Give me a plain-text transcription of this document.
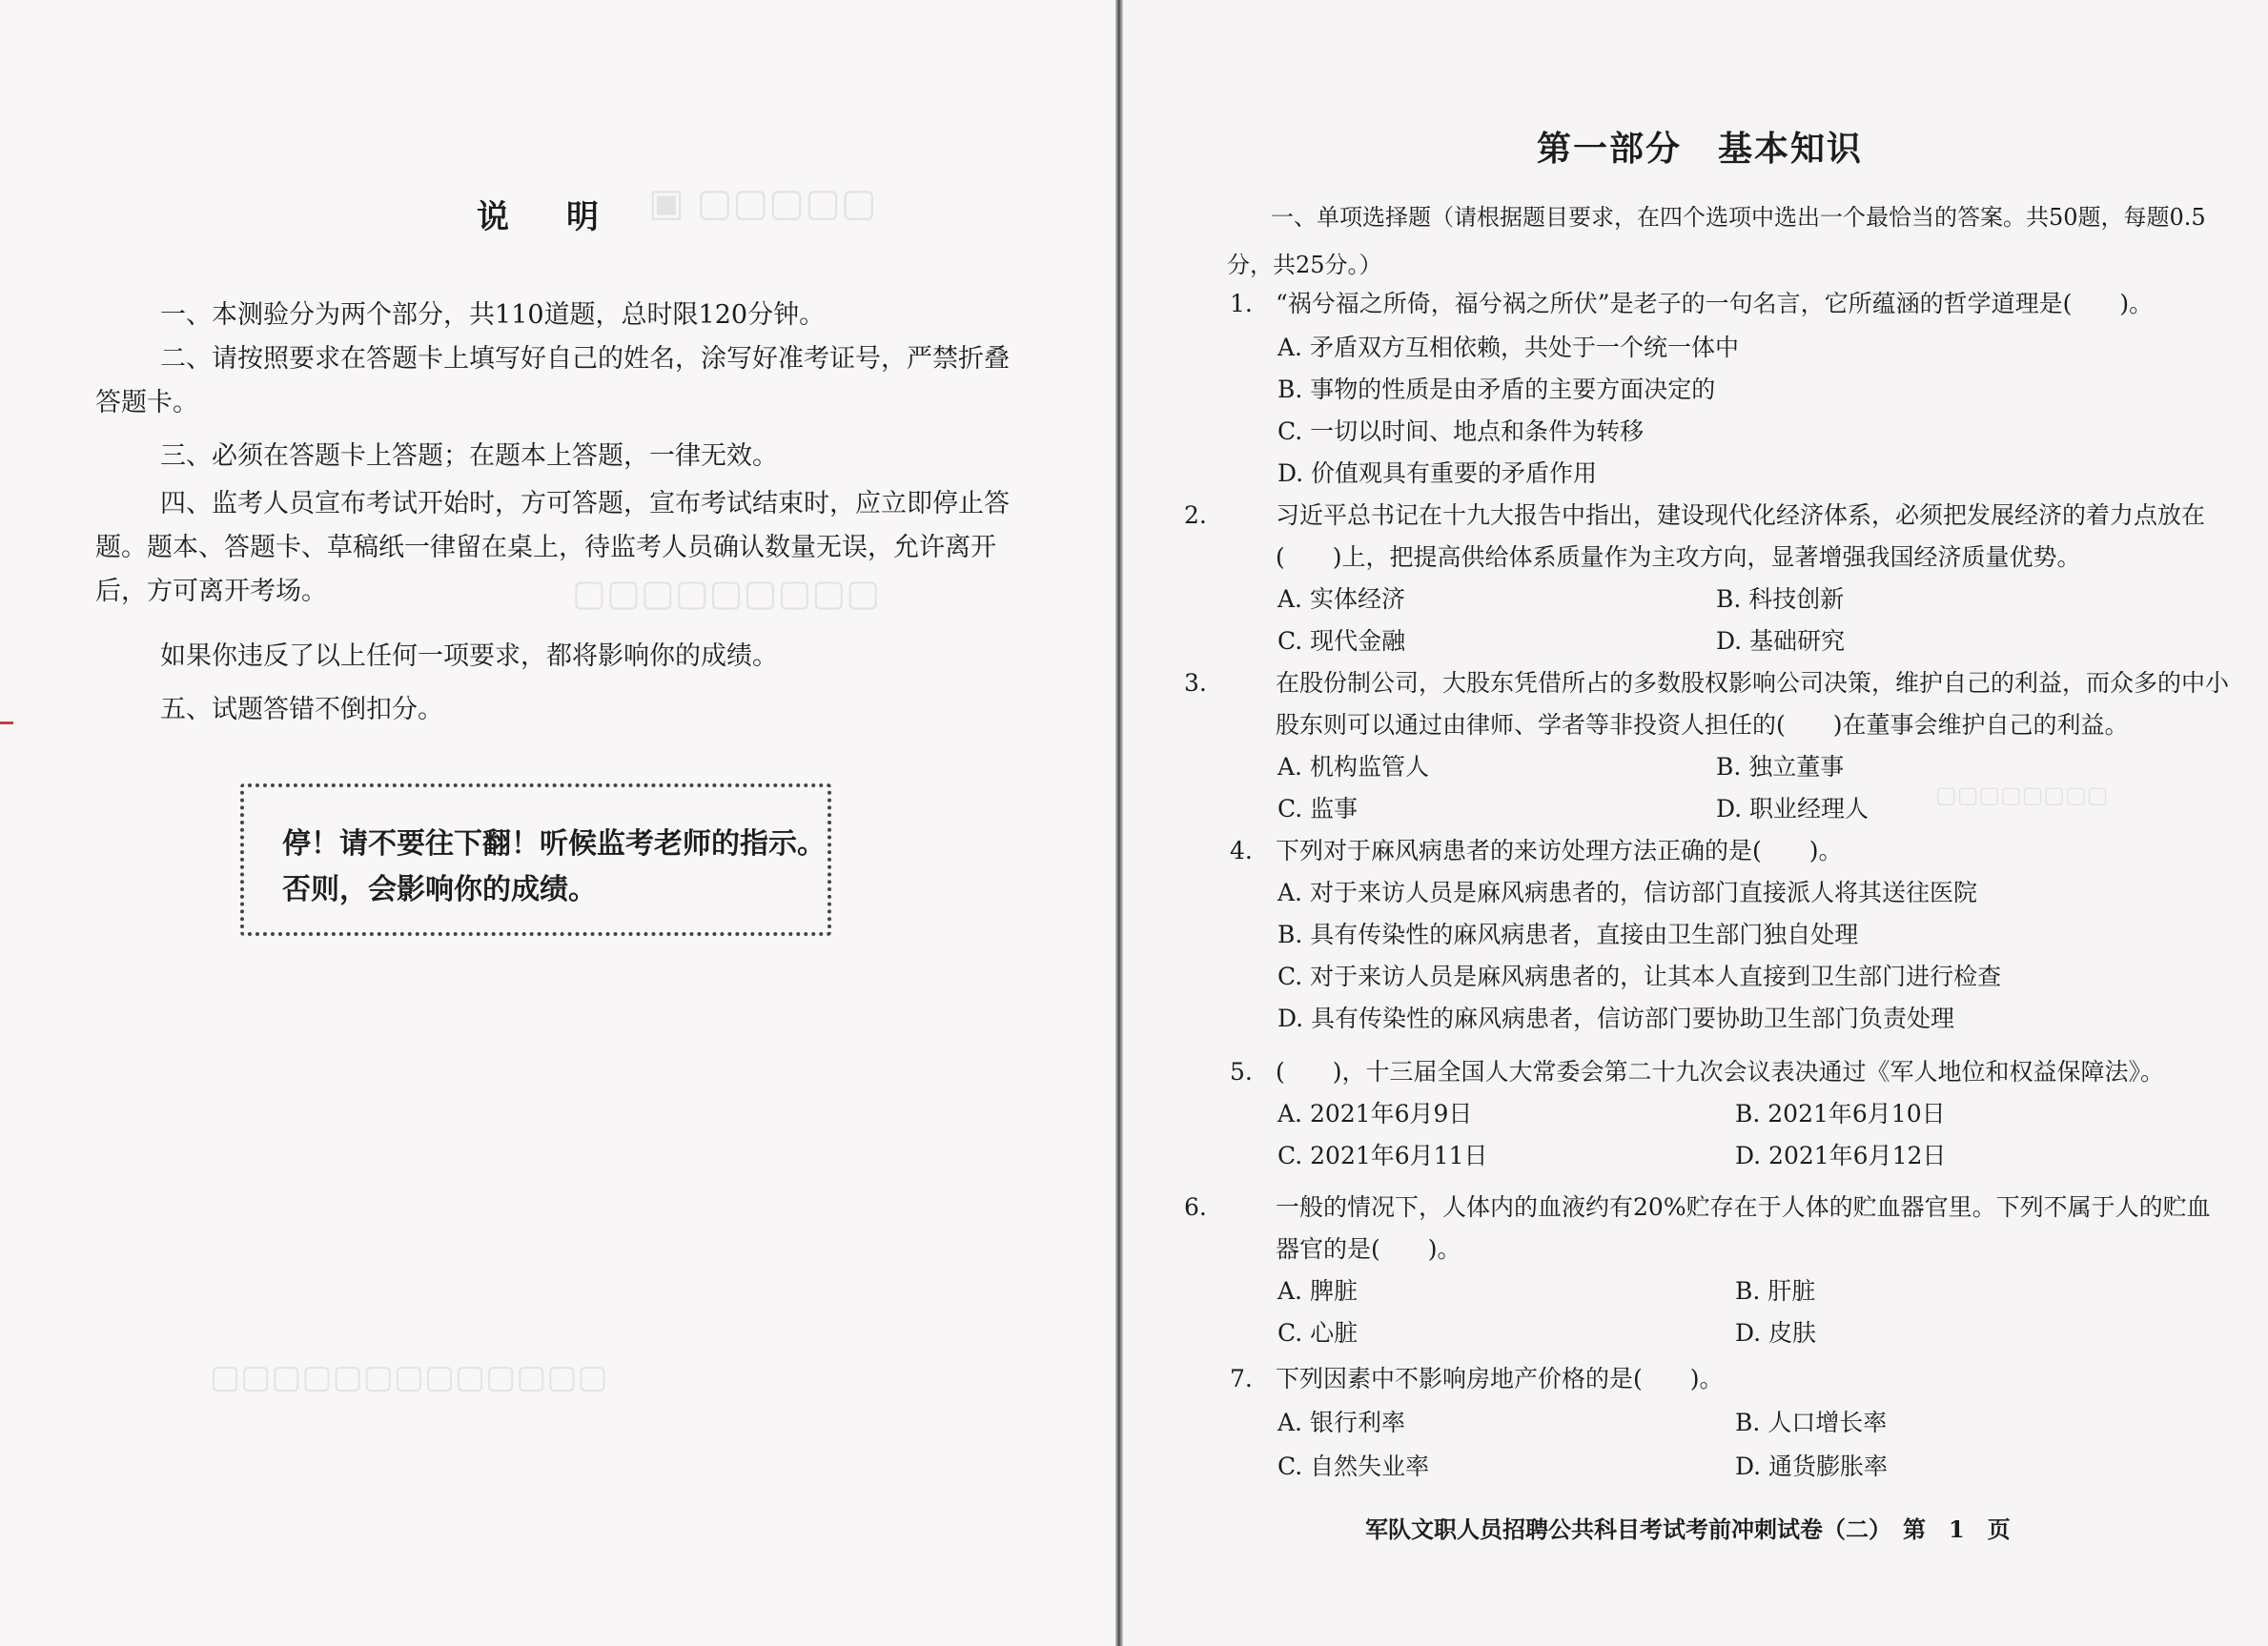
说明
一、本测验分为两个部分，共110道题，总时限120分钟。
二、请按照要求在答题卡上填写好自己的姓名，涂写好准考证号，严禁折叠答题卡。
三、必须在答题卡上答题；在题本上答题，一律无效。
四、监考人员宣布考试开始时，方可答题，宣布考试结束时，应立即停止答题。题本、答题卡、草稿纸一律留在桌上，待监考人员确认数量无误，允许离开后，方可离开考场。
如果你违反了以上任何一项要求，都将影响你的成绩。
五、试题答错不倒扣分。
停！请不要往下翻！听候监考老师的指示。
否则，会影响你的成绩。
第一部分　基本知识
一、单项选择题（请根据题目要求，在四个选项中选出一个最恰当的答案。共50题，每题0.5分，共25分。）
1. “祸兮福之所倚，福兮祸之所伏”是老子的一句名言，它所蕴涵的哲学道理是(　　)。
A. 矛盾双方互相依赖，共处于一个统一体中
B. 事物的性质是由矛盾的主要方面决定的
C. 一切以时间、地点和条件为转移
D. 价值观具有重要的矛盾作用
2.	习近平总书记在十九大报告中指出，建设现代化经济体系，必须把发展经济的着力点放在(　　)上，把提高供给体系质量作为主攻方向，显著增强我国经济质量优势。
A. 实体经济	B. 科技创新
C. 现代金融	D. 基础研究
3.	在股份制公司，大股东凭借所占的多数股权影响公司决策，维护自己的利益，而众多的中小股东则可以通过由律师、学者等非投资人担任的(　　)在董事会维护自己的利益。
A. 机构监管人	B. 独立董事
C. 监事	D. 职业经理人
4. 下列对于麻风病患者的来访处理方法正确的是(　　)。
A. 对于来访人员是麻风病患者的，信访部门直接派人将其送往医院
B. 具有传染性的麻风病患者，直接由卫生部门独自处理
C. 对于来访人员是麻风病患者的，让其本人直接到卫生部门进行检查
D. 具有传染性的麻风病患者，信访部门要协助卫生部门负责处理
5. (　　)，十三届全国人大常委会第二十九次会议表决通过《军人地位和权益保障法》。
A. 2021年6月9日	B. 2021年6月10日
C. 2021年6月11日	D. 2021年6月12日
6.	一般的情况下，人体内的血液约有20%贮存在于人体的贮血器官里。下列不属于人的贮血器官的是(　　)。
A. 脾脏	B. 肝脏
C. 心脏	D. 皮肤
7. 下列因素中不影响房地产价格的是(　　)。
A. 银行利率	B. 人口增长率
C. 自然失业率	D. 通货膨胀率
军队文职人员招聘公共科目考试考前冲刺试卷（二）　第　1　页
